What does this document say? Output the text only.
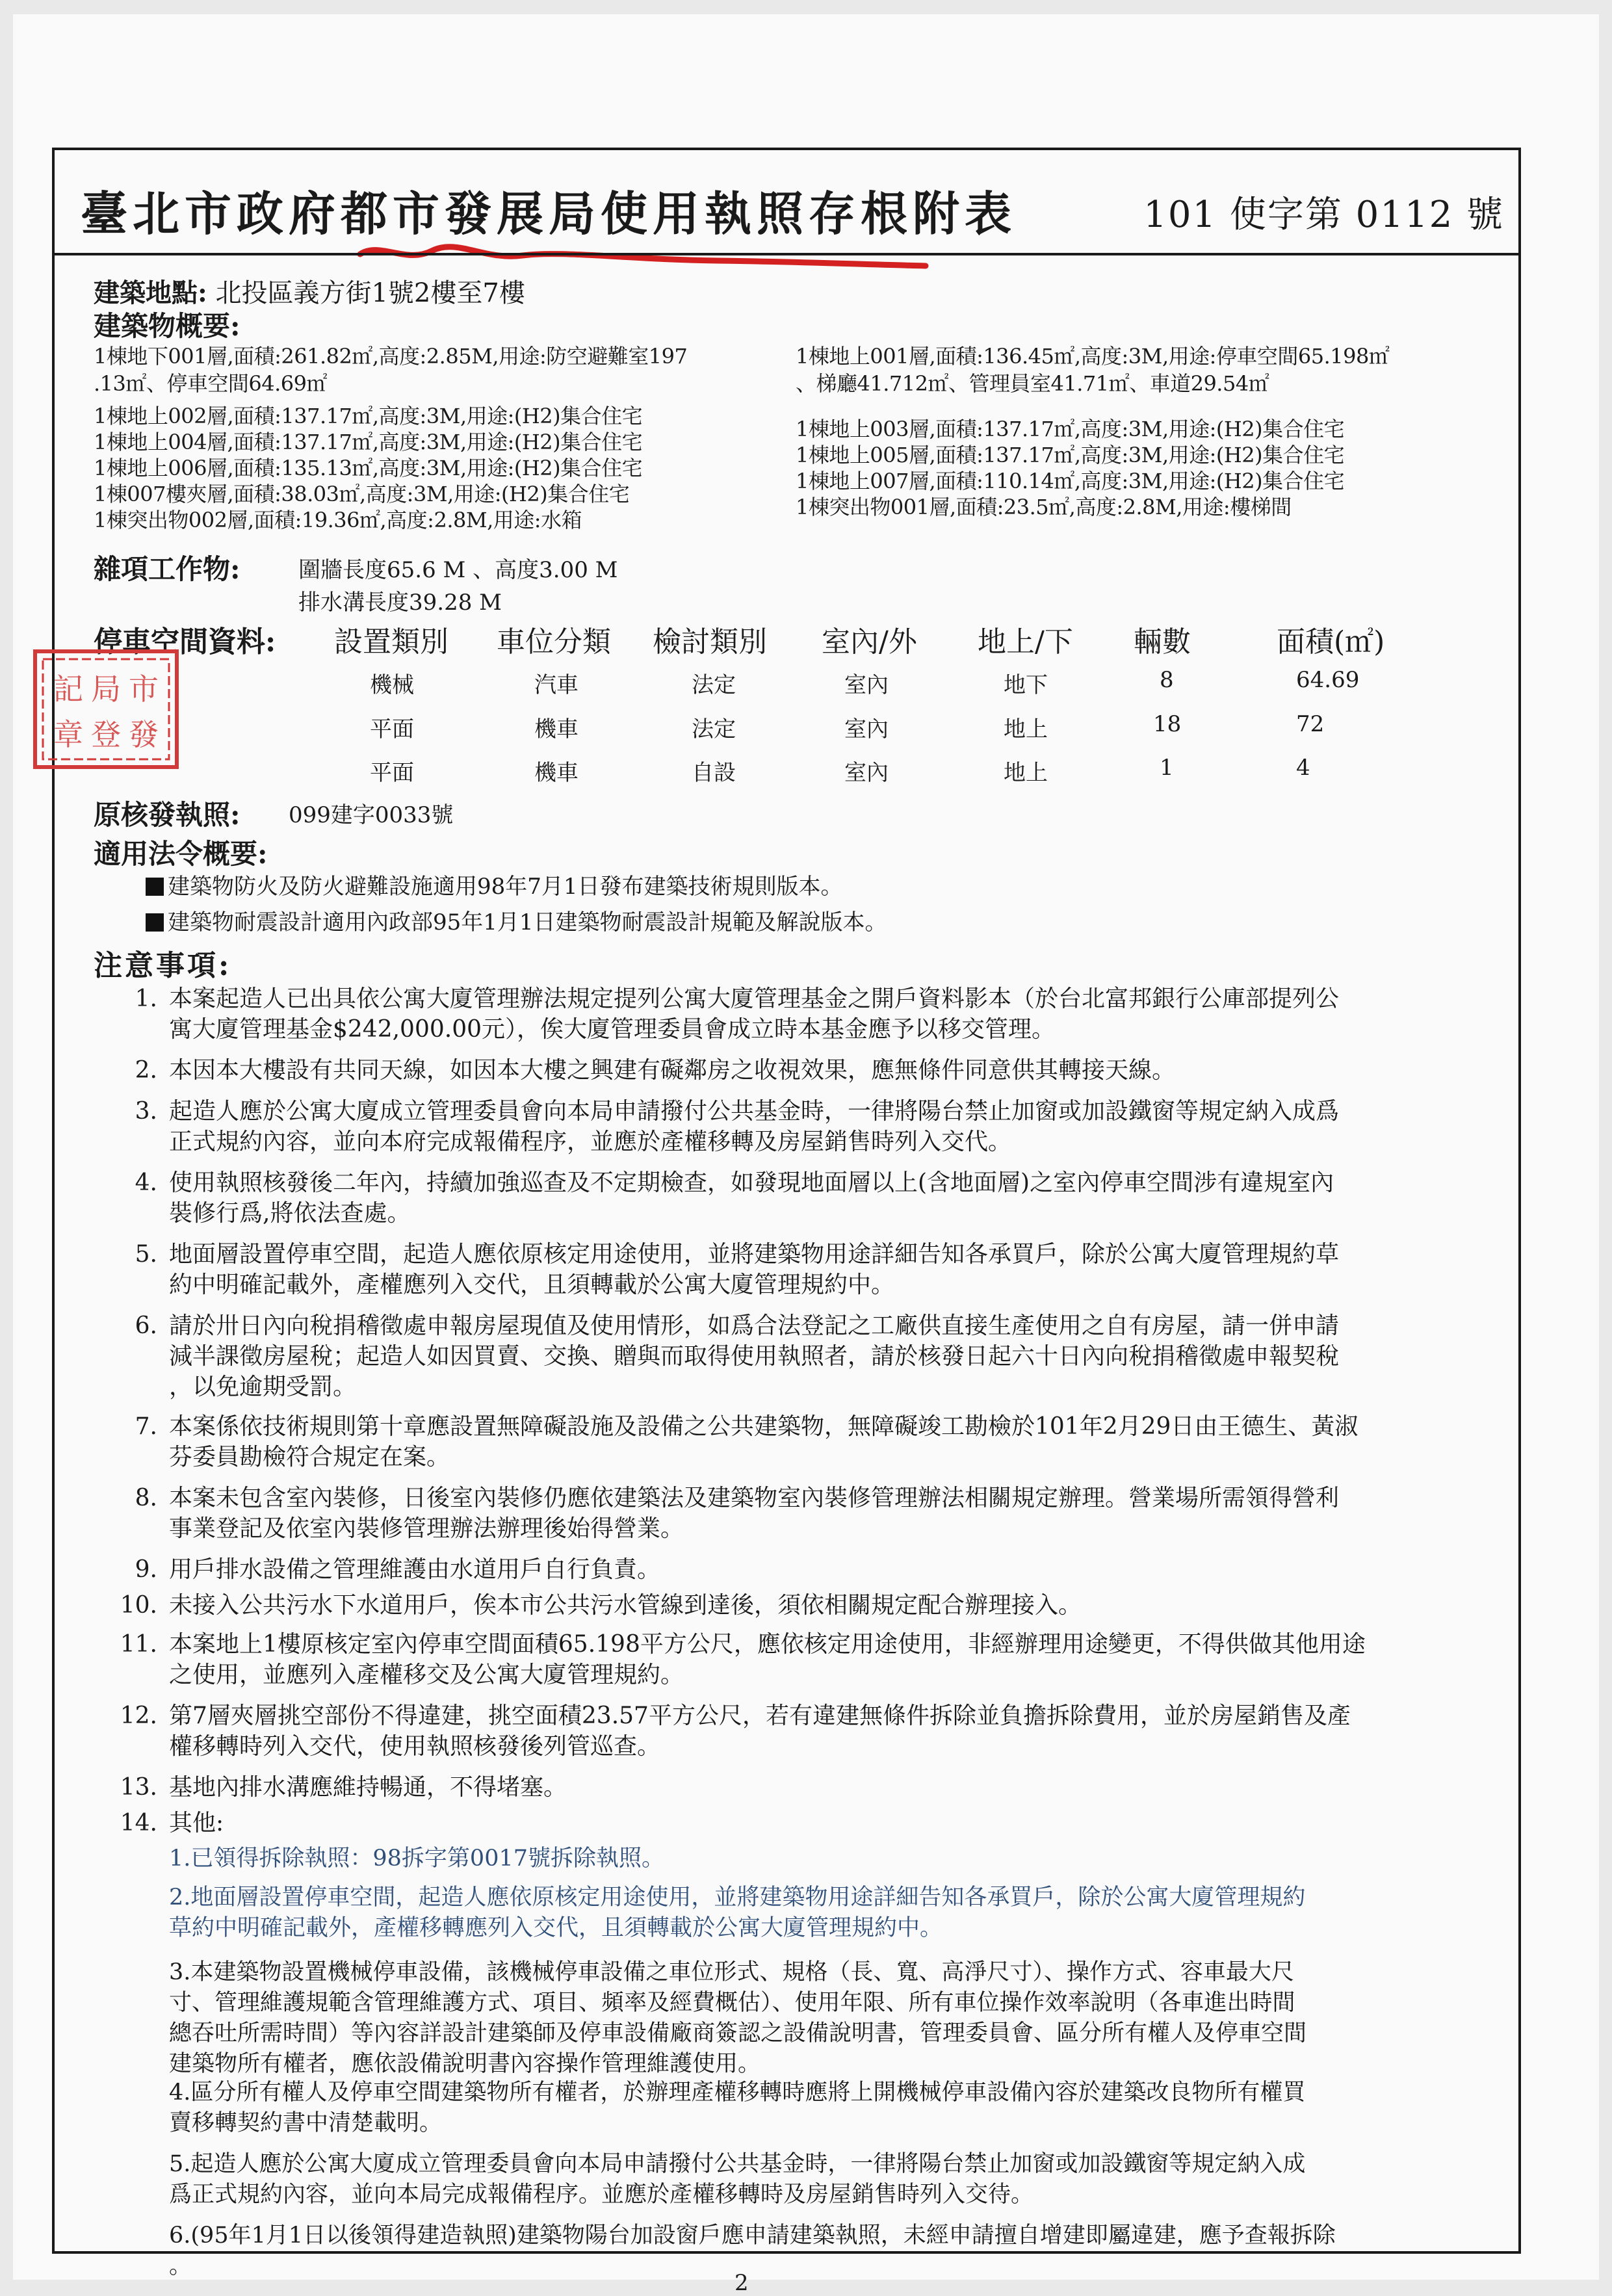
臺北市政府都市發展局使用執照存根附表	101 使字第 0112 號
建築地點: 北投區義方街1號2樓至7樓
建築物概要:
1棟地下001層,面積:261.82㎡,高度:2.85M,用途:防空避難室197
.13㎡、停車空間64.69㎡
1棟地上002層,面積:137.17㎡,高度:3M,用途:(H2)集合住宅
1棟地上004層,面積:137.17㎡,高度:3M,用途:(H2)集合住宅
1棟地上006層,面積:135.13㎡,高度:3M,用途:(H2)集合住宅
1棟007樓夾層,面積:38.03㎡,高度:3M,用途:(H2)集合住宅
1棟突出物002層,面積:19.36㎡,高度:2.8M,用途:水箱
1棟地上001層,面積:136.45㎡,高度:3M,用途:停車空間65.198㎡
、梯廳41.712㎡、管理員室41.71㎡、車道29.54㎡
1棟地上003層,面積:137.17㎡,高度:3M,用途:(H2)集合住宅
1棟地上005層,面積:137.17㎡,高度:3M,用途:(H2)集合住宅
1棟地上007層,面積:110.14㎡,高度:3M,用途:(H2)集合住宅
1棟突出物001層,面積:23.5㎡,高度:2.8M,用途:樓梯間
雜項工作物:	圍牆長度65.6 M 、高度3.00 M
排水溝長度39.28 M
停車空間資料: 設置類別 車位分類 檢討類別 室內/外 地上/下 輛數	面積(㎡)
機械	汽車	法定	室內	地下	8	64.69
平面	機車	法定	室內	地上	18	72
平面	機車	自設	室內	地上	1	4
市
發
局
登
記
章
原核發執照: 099建字0033號
適用法令概要:
建築物防火及防火避難設施適用98年7月1日發布建築技術規則版本。
建築物耐震設計適用內政部95年1月1日建築物耐震設計規範及解說版本。
注意事項:
1. 本案起造人已出具依公寓大廈管理辦法規定提列公寓大廈管理基金之開戶資料影本（於台北富邦銀行公庫部提列公
寓大廈管理基金$242,000.00元），俟大廈管理委員會成立時本基金應予以移交管理。
2. 本因本大樓設有共同天線，如因本大樓之興建有礙鄰房之收視效果，應無條件同意供其轉接天線。
3. 起造人應於公寓大廈成立管理委員會向本局申請撥付公共基金時，一律將陽台禁止加窗或加設鐵窗等規定納入成爲
正式規約內容，並向本府完成報備程序，並應於產權移轉及房屋銷售時列入交代。
4. 使用執照核發後二年內，持續加強巡查及不定期檢查，如發現地面層以上(含地面層)之室內停車空間涉有違規室內
裝修行爲,將依法查處。
5. 地面層設置停車空間，起造人應依原核定用途使用，並將建築物用途詳細告知各承買戶，除於公寓大廈管理規約草
約中明確記載外，產權應列入交代，且須轉載於公寓大廈管理規約中。
6. 請於卅日內向稅捐稽徵處申報房屋現值及使用情形，如爲合法登記之工廠供直接生產使用之自有房屋，請一併申請
減半課徵房屋稅；起造人如因買賣、交換、贈與而取得使用執照者，請於核發日起六十日內向稅捐稽徵處申報契稅
，以免逾期受罰。
7. 本案係依技術規則第十章應設置無障礙設施及設備之公共建築物，無障礙竣工勘檢於101年2月29日由王德生、黃淑
芬委員勘檢符合規定在案。
8. 本案未包含室內裝修，日後室內裝修仍應依建築法及建築物室內裝修管理辦法相關規定辦理。營業場所需領得營利
事業登記及依室內裝修管理辦法辦理後始得營業。
9. 用戶排水設備之管理維護由水道用戶自行負責。
10. 未接入公共污水下水道用戶，俟本市公共污水管線到達後，須依相關規定配合辦理接入。
11. 本案地上1樓原核定室內停車空間面積65.198平方公尺，應依核定用途使用，非經辦理用途變更，不得供做其他用途
之使用，並應列入產權移交及公寓大廈管理規約。
12. 第7層夾層挑空部份不得違建，挑空面積23.57平方公尺，若有違建無條件拆除並負擔拆除費用，並於房屋銷售及產
權移轉時列入交代，使用執照核發後列管巡查。
13. 基地內排水溝應維持暢通，不得堵塞。
14. 其他:
1.已領得拆除執照：98拆字第0017號拆除執照。
2.地面層設置停車空間，起造人應依原核定用途使用，並將建築物用途詳細告知各承買戶，除於公寓大廈管理規約
草約中明確記載外，產權移轉應列入交代，且須轉載於公寓大廈管理規約中。
3.本建築物設置機械停車設備，該機械停車設備之車位形式、規格（長、寬、高淨尺寸）、操作方式、容車最大尺
寸、管理維護規範含管理維護方式、項目、頻率及經費概估）、使用年限、所有車位操作效率說明（各車進出時間
總吞吐所需時間）等內容詳設計建築師及停車設備廠商簽認之設備說明書，管理委員會、區分所有權人及停車空間
建築物所有權者，應依設備說明書內容操作管理維護使用。
4.區分所有權人及停車空間建築物所有權者，於辦理產權移轉時應將上開機械停車設備內容於建築改良物所有權買
賣移轉契約書中清楚載明。
5.起造人應於公寓大廈成立管理委員會向本局申請撥付公共基金時，一律將陽台禁止加窗或加設鐵窗等規定納入成
爲正式規約內容，並向本局完成報備程序。並應於產權移轉時及房屋銷售時列入交待。
6.(95年1月1日以後領得建造執照)建築物陽台加設窗戶應申請建築執照，未經申請擅自增建即屬違建，應予查報拆除
。
2
